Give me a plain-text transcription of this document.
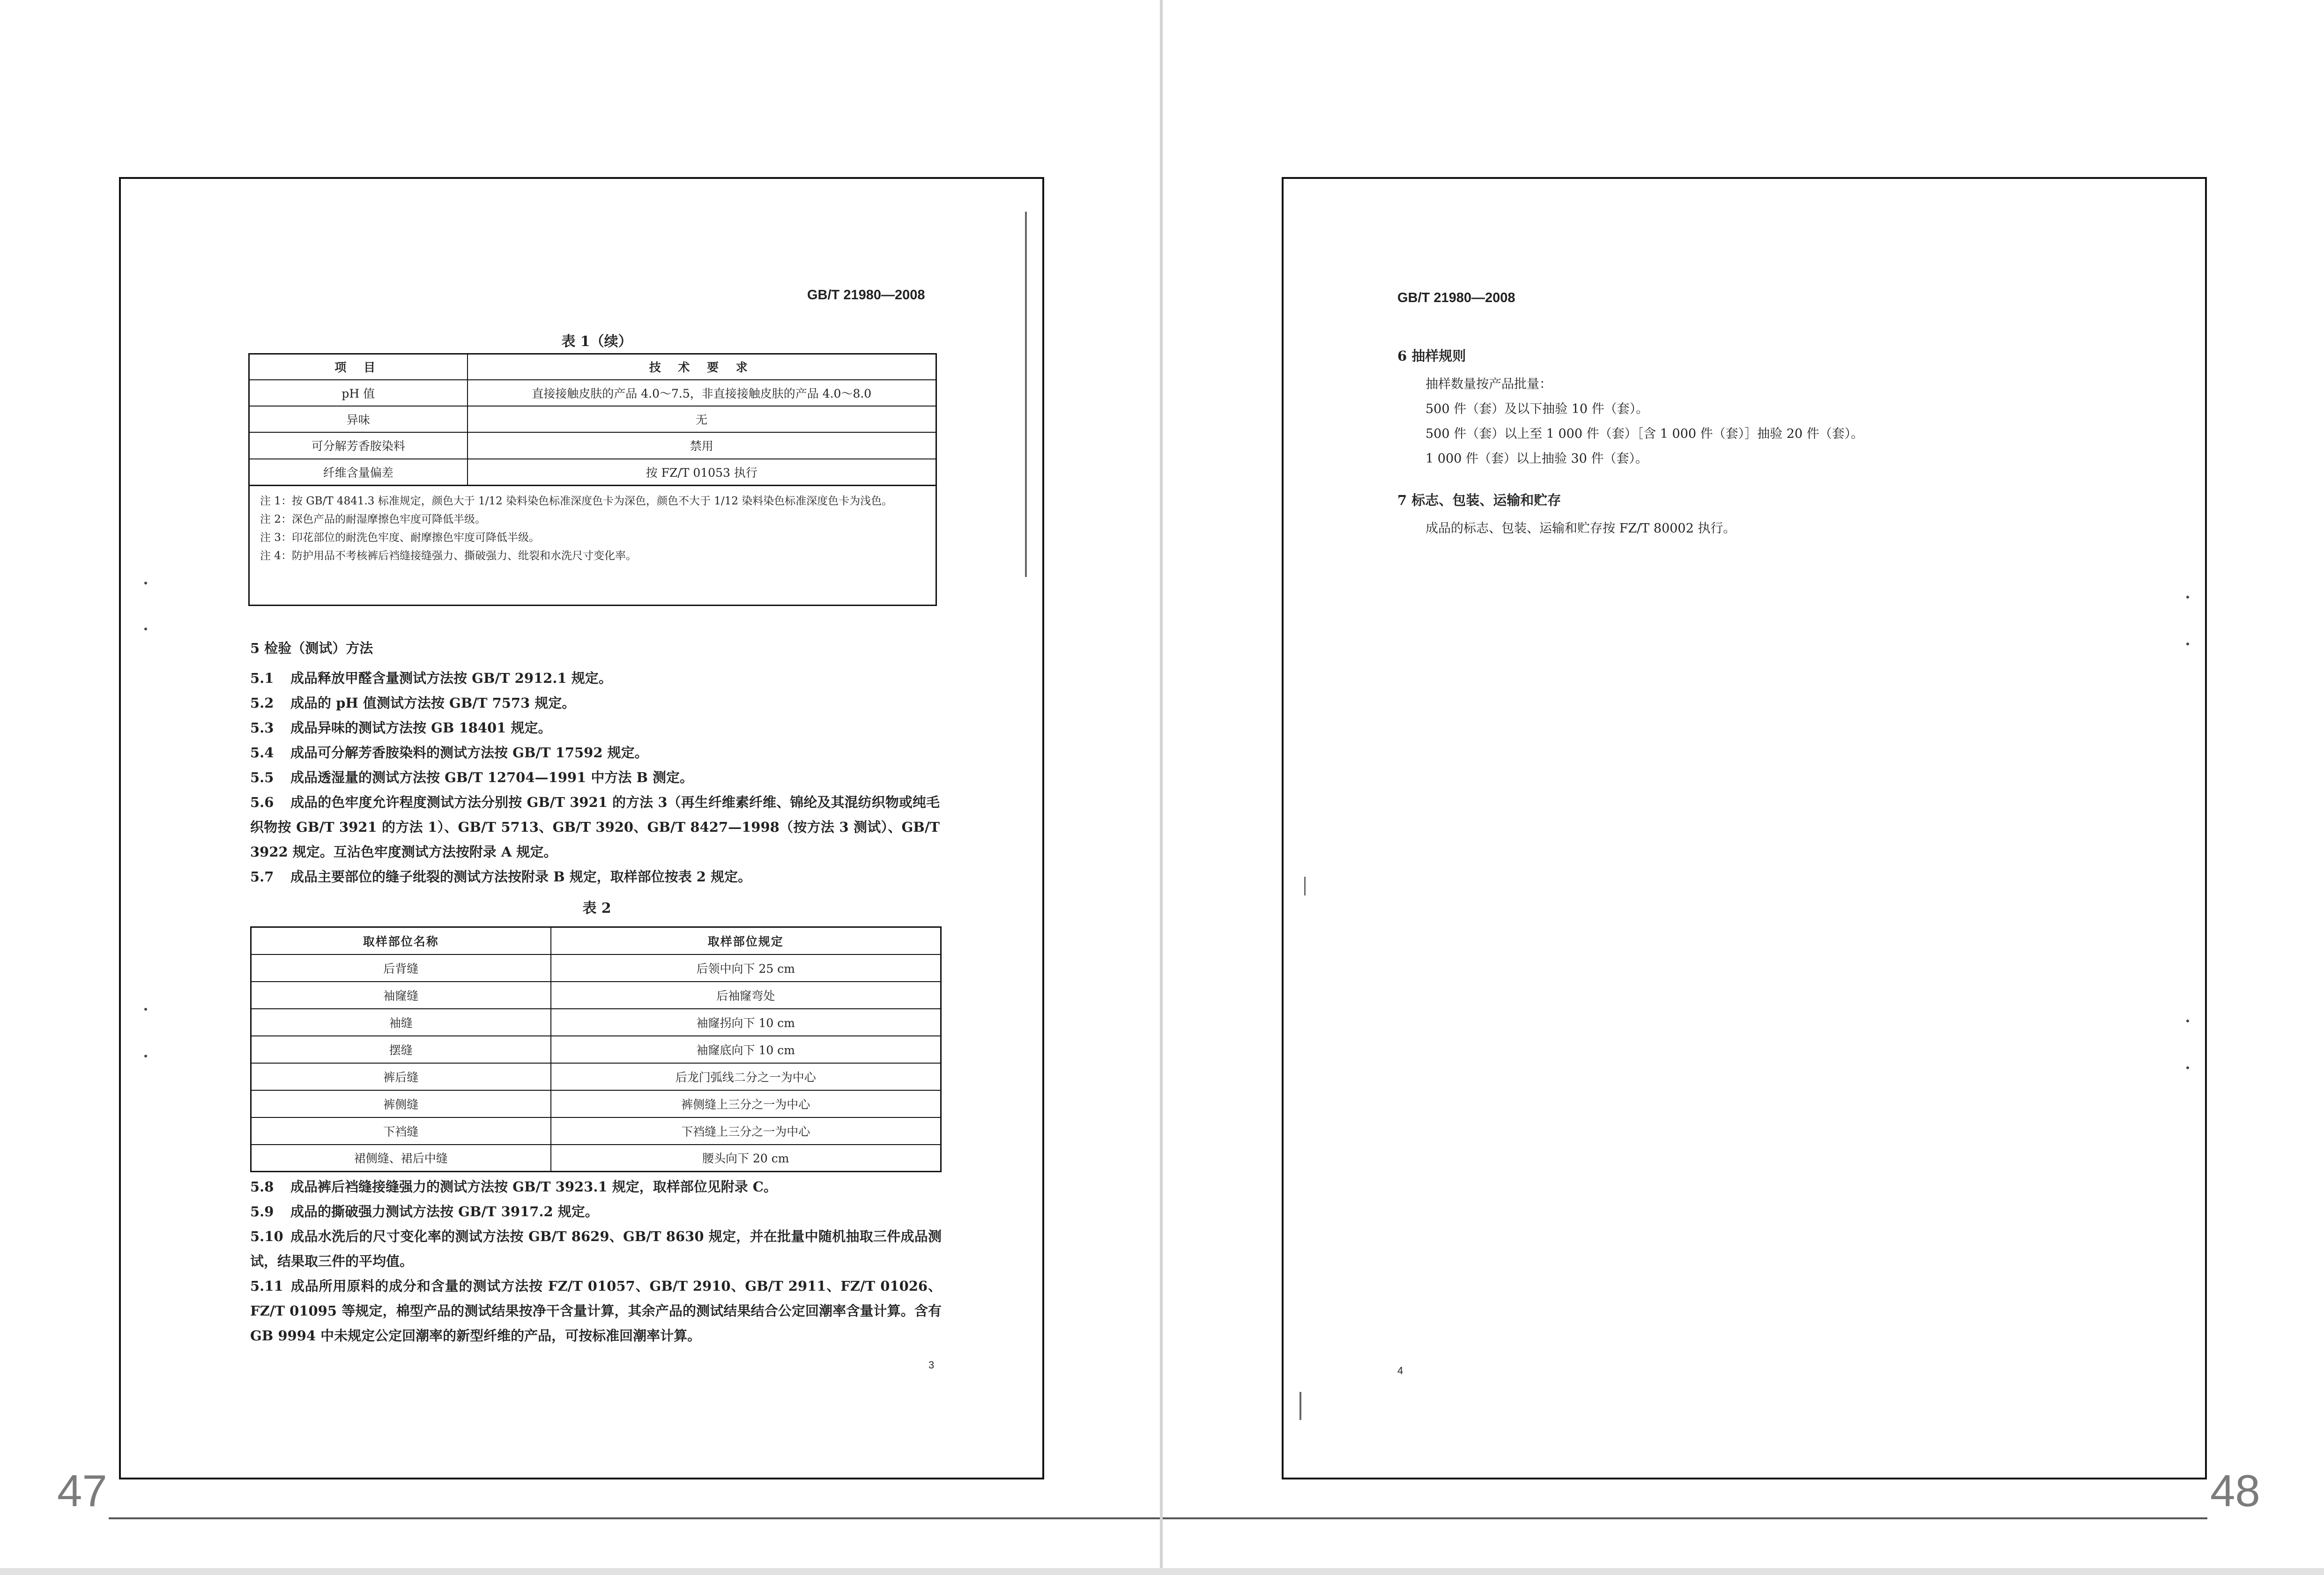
47	48
GB/T 21980—2008
表 1（续）
项 目	技 术 要 求
pH 值	直接接触皮肤的产品 4.0～7.5，非直接接触皮肤的产品 4.0～8.0
异味	无
可分解芳香胺染料	禁用
纤维含量偏差	按 FZ/T 01053 执行

注 1：按 GB/T 4841.3 标准规定，颜色大于 1/12 染料染色标准深度色卡为深色，颜色不大于 1/12 染料染色标准深度色卡为浅色。

注 2：深色产品的耐湿摩擦色牢度可降低半级。

注 3：印花部位的耐洗色牢度、耐摩擦色牢度可降低半级。

注 4：防护用品不考核裤后裆缝接缝强力、撕破强力、纰裂和水洗尺寸变化率。

5 检验（测试）方法
5.1 成品释放甲醛含量测试方法按 GB/T 2912.1 规定。
5.2 成品的 pH 值测试方法按 GB/T 7573 规定。
5.3 成品异味的测试方法按 GB 18401 规定。
5.4 成品可分解芳香胺染料的测试方法按 GB/T 17592 规定。
5.5 成品透湿量的测试方法按 GB/T 12704—1991 中方法 B 测定。
5.6 成品的色牢度允许程度测试方法分别按 GB/T 3921 的方法 3（再生纤维素纤维、锦纶及其混纺织物或纯毛织物按 GB/T 3921 的方法 1）、GB/T 5713、GB/T 3920、GB/T 8427—1998（按方法 3 测试）、GB/T 3922 规定。互沾色牢度测试方法按附录 A 规定。
5.7 成品主要部位的缝子纰裂的测试方法按附录 B 规定，取样部位按表 2 规定。
表 2
取样部位名称	取样部位规定
后背缝	后领中向下 25 cm
袖窿缝	后袖窿弯处
袖缝	袖窿拐向下 10 cm
摆缝	袖窿底向下 10 cm
裤后缝	后龙门弧线二分之一为中心
裤侧缝	裤侧缝上三分之一为中心
下裆缝	下裆缝上三分之一为中心
裙侧缝、裙后中缝	腰头向下 20 cm
5.8 成品裤后裆缝接缝强力的测试方法按 GB/T 3923.1 规定，取样部位见附录 C。
5.9 成品的撕破强力测试方法按 GB/T 3917.2 规定。
5.10 成品水洗后的尺寸变化率的测试方法按 GB/T 8629、GB/T 8630 规定，并在批量中随机抽取三件成品测试，结果取三件的平均值。
5.11 成品所用原料的成分和含量的测试方法按 FZ/T 01057、GB/T 2910、GB/T 2911、FZ/T 01026、FZ/T 01095 等规定，棉型产品的测试结果按净干含量计算，其余产品的测试结果结合公定回潮率含量计算。含有 GB 9994 中未规定公定回潮率的新型纤维的产品，可按标准回潮率计算。
3
GB/T 21980—2008
6 抽样规则
抽样数量按产品批量：
500 件（套）及以下抽验 10 件（套）。
500 件（套）以上至 1 000 件（套）［含 1 000 件（套）］抽验 20 件（套）。
1 000 件（套）以上抽验 30 件（套）。
7 标志、包装、运输和贮存
成品的标志、包装、运输和贮存按 FZ/T 80002 执行。
4
